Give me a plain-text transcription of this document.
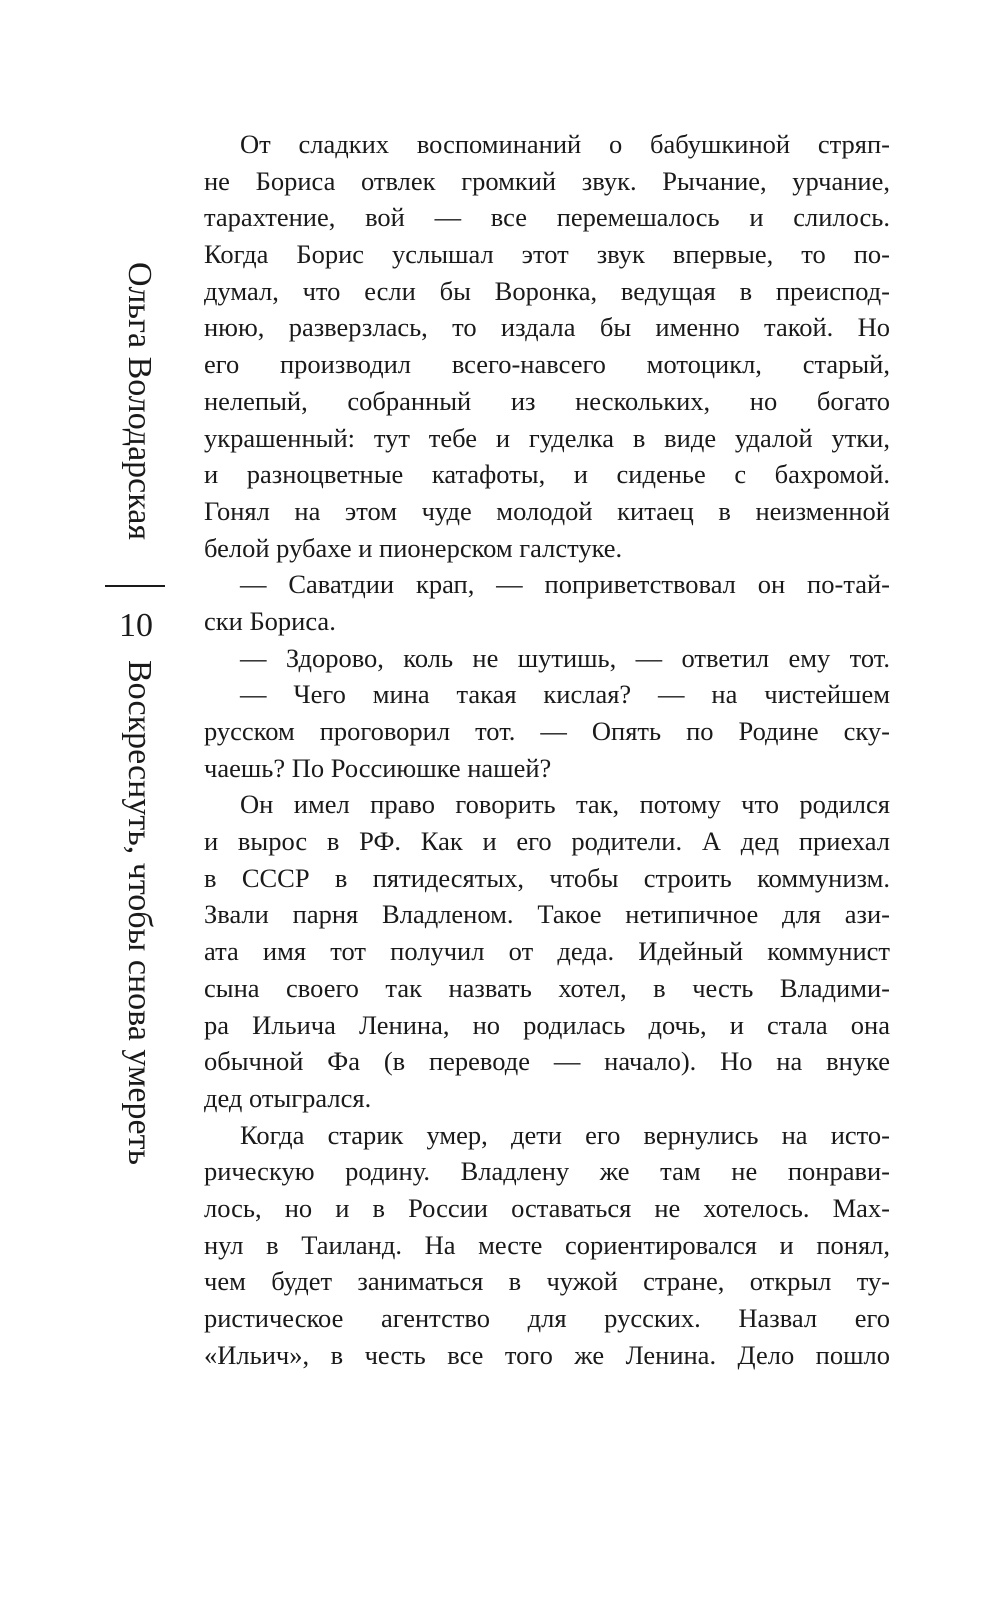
Ольга Володарская
10
Воскреснуть, чтобы снова умереть
От сладких воспоминаний о бабушкиной стряп-
не Бориса отвлек громкий звук. Рычание, урчание,
тарахтение, вой — все перемешалось и слилось.
Когда Борис услышал этот звук впервые, то по-
думал, что если бы Воронка, ведущая в преиспод-
нюю, разверзлась, то издала бы именно такой. Но
его производил всего-навсего мотоцикл, старый,
нелепый, собранный из нескольких, но богато
украшенный: тут тебе и гуделка в виде удалой утки,
и разноцветные катафоты, и сиденье с бахромой.
Гонял на этом чуде молодой китаец в неизменной
белой рубахе и пионерском галстуке.
— Саватдии крап, — поприветствовал он по-тай-
ски Бориса.
— Здорово, коль не шутишь, — ответил ему тот.
— Чего мина такая кислая? — на чистейшем
русском проговорил тот. — Опять по Родине ску-
чаешь? По Россиюшке нашей?
Он имел право говорить так, потому что родился
и вырос в РФ. Как и его родители. А дед приехал
в СССР в пятидесятых, чтобы строить коммунизм.
Звали парня Владленом. Такое нетипичное для ази-
ата имя тот получил от деда. Идейный коммунист
сына своего так назвать хотел, в честь Владими-
ра Ильича Ленина, но родилась дочь, и стала она
обычной Фа (в переводе — начало). Но на внуке
дед отыгрался.
Когда старик умер, дети его вернулись на исто-
рическую родину. Владлену же там не понрави-
лось, но и в России оставаться не хотелось. Мах-
нул в Таиланд. На месте сориентировался и понял,
чем будет заниматься в чужой стране, открыл ту-
ристическое агентство для русских. Назвал его
«Ильич», в честь все того же Ленина. Дело пошло
